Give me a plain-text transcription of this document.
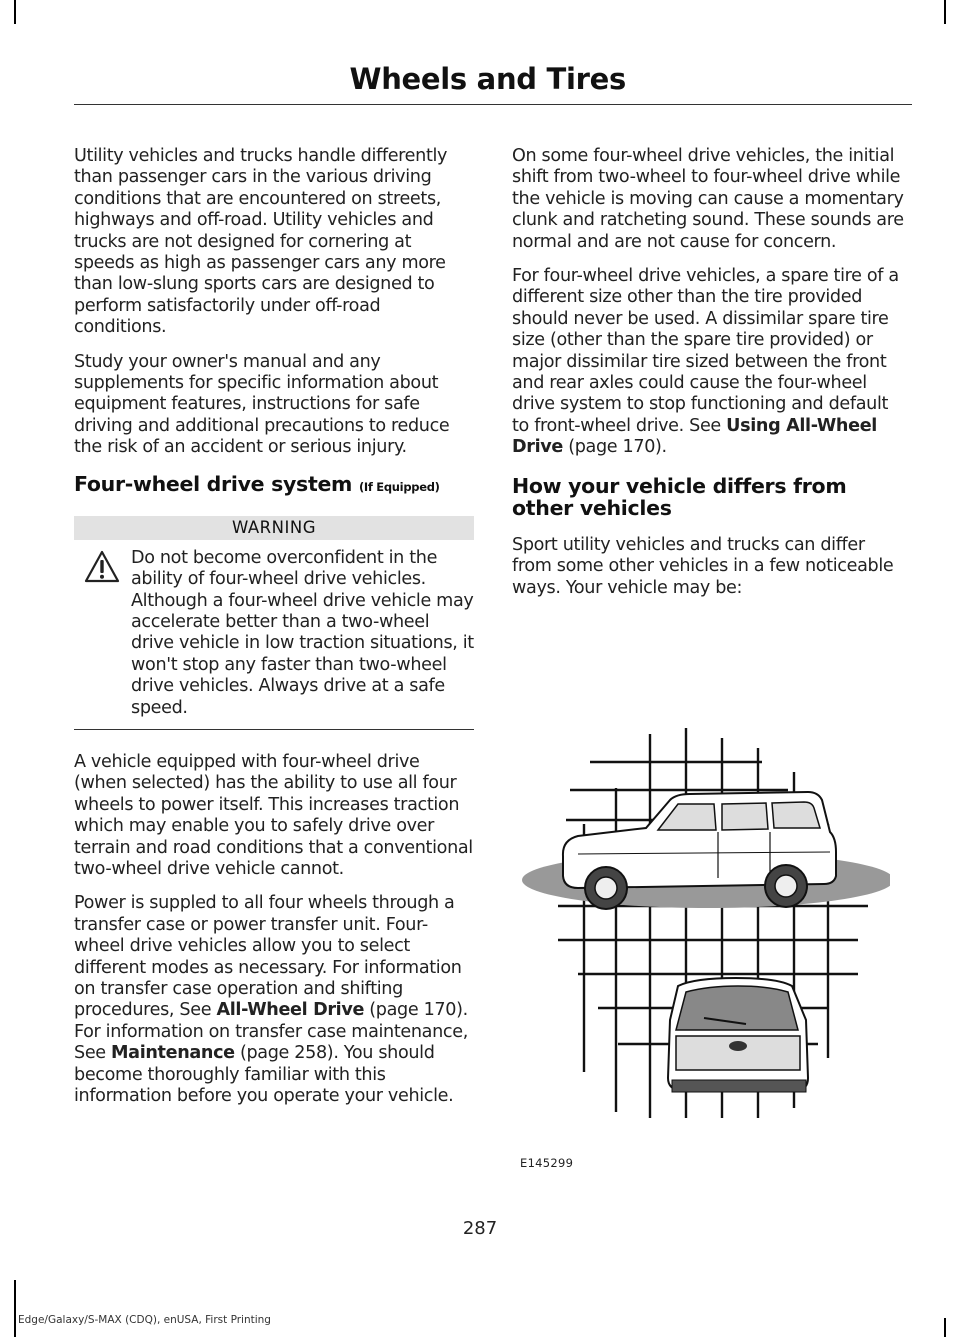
Wheels and Tires

Utility vehicles and trucks handle differently than passenger cars in the various driving conditions that are encountered on streets, highways and off-road. Utility vehicles and trucks are not designed for cornering at speeds as high as passenger cars any more than low-slung sports cars are designed to perform satisfactorily under off-road conditions.

Study your owner's manual and any supplements for specific information about equipment features, instructions for safe driving and additional precautions to reduce the risk of an accident or serious injury.

Four-wheel drive system (If Equipped)
WARNING

Do not become overconfident in the ability of four-wheel drive vehicles. Although a four-wheel drive vehicle may accelerate better than a two-wheel drive vehicle in low traction situations, it won't stop any faster than two-wheel drive vehicles. Always drive at a safe speed.

A vehicle equipped with four-wheel drive (when selected) has the ability to use all four wheels to power itself. This increases traction which may enable you to safely drive over terrain and road conditions that a conventional two-wheel drive vehicle cannot.

Power is suppled to all four wheels through a transfer case or power transfer unit. Four-wheel drive vehicles allow you to select different modes as necessary. For information on transfer case operation and shifting procedures, See All-Wheel Drive (page 170). For information on transfer case maintenance, See Maintenance (page 258). You should become thoroughly familiar with this information before you operate your vehicle.

On some four-wheel drive vehicles, the initial shift from two-wheel to four-wheel drive while the vehicle is moving can cause a momentary clunk and ratcheting sound. These sounds are normal and are not cause for concern.

For four-wheel drive vehicles, a spare tire of a different size other than the tire provided should never be used. A dissimilar spare tire size (other than the spare tire provided) or major dissimilar tire sized between the front and rear axles could cause the four-wheel drive system to stop functioning and default to front-wheel drive. See Using All-Wheel Drive (page 170).

How your vehicle differs from other vehicles

Sport utility vehicles and trucks can differ from some other vehicles in a few noticeable ways. Your vehicle may be:

E145299
287
Edge/Galaxy/S-MAX (CDQ), enUSA, First Printing
